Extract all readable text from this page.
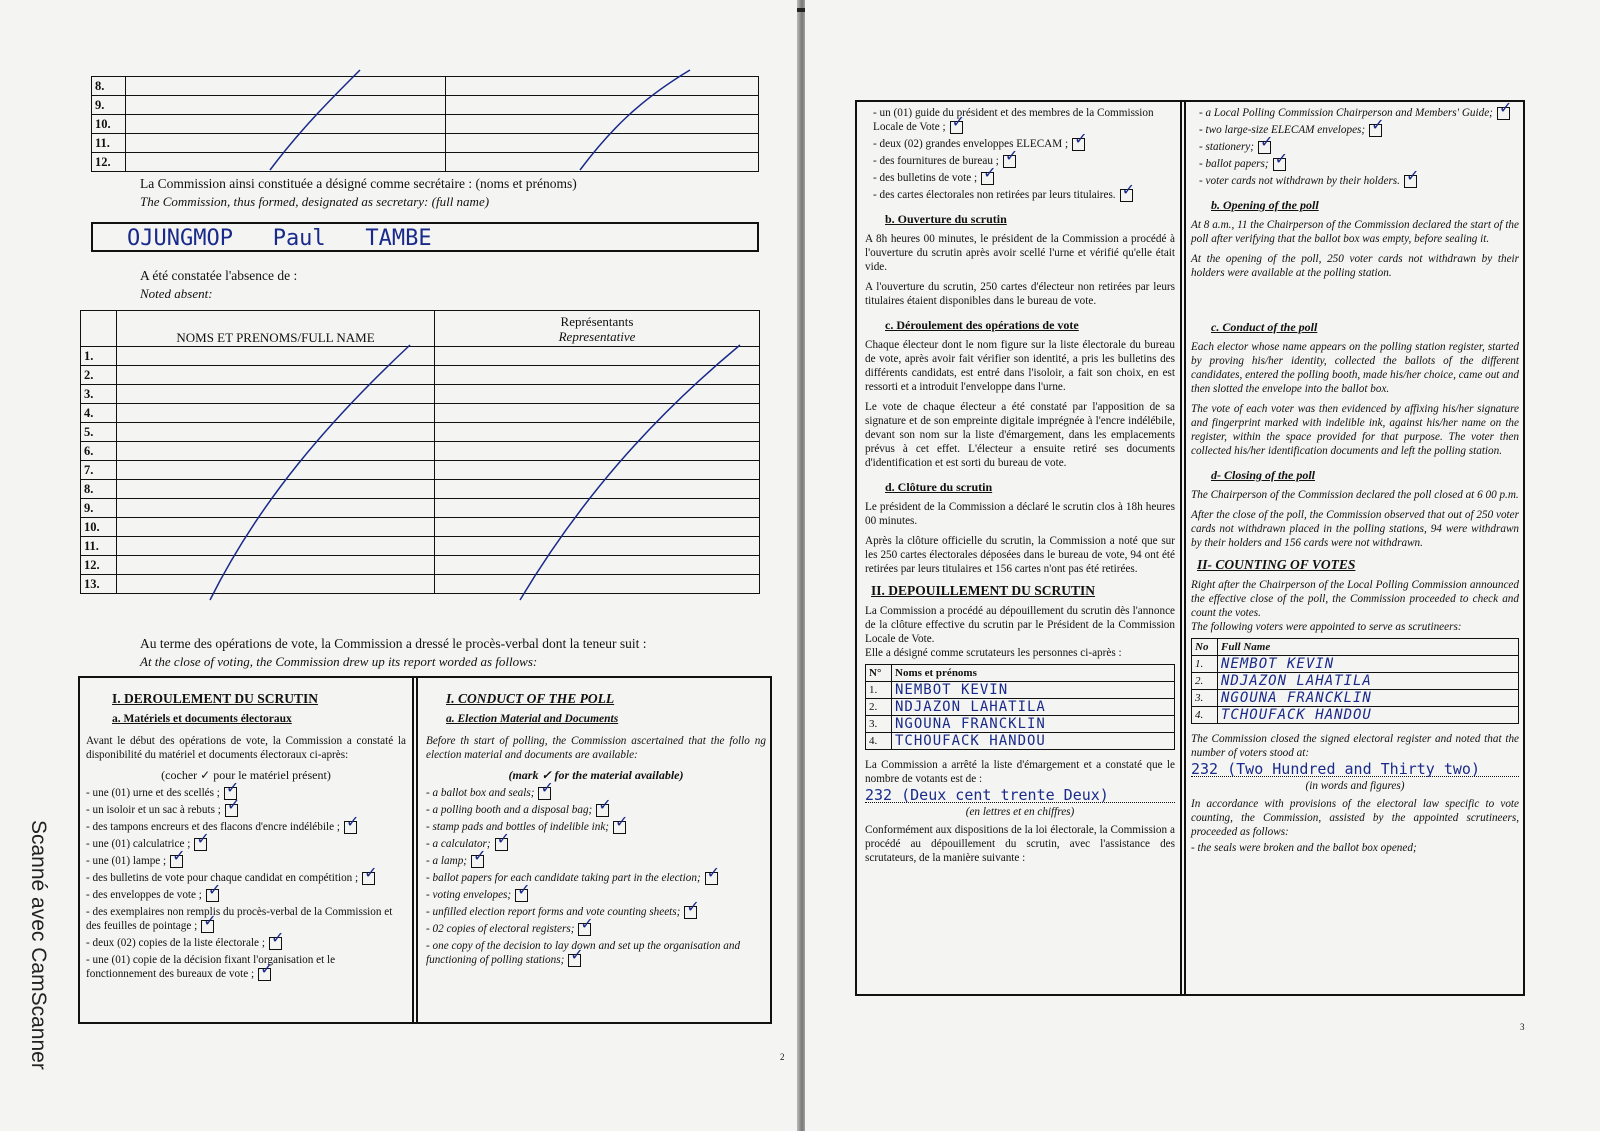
8.		
9.		
10.		
11.		
12.		
La Commission ainsi constituée a désigné comme secrétaire : (noms et prénoms)
The Commission, thus formed, designated as secretary: (full name)
OJUNGMOP   Paul   TAMBE
A été constatée l'absence de :
Noted absent:
	NOMS ET PRENOMS/FULL NAME	Représentants
Representative

1.		
2.		
3.		
4.		
5.		
6.		
7.		
8.		
9.		
10.		
11.		
12.		
13.		
Au terme des opérations de vote, la Commission a dressé le procès-verbal dont la teneur suit :
At the close of voting, the Commission drew up its report worded as follows:
I. DEROULEMENT DU SCRUTIN
a. Matériels et documents électoraux

Avant le début des opérations de vote, la Commission a constaté la disponibilité du matériel et documents électoraux ci-après:

(cocher ✓ pour le matériel présent)
- une (01) urne et des scellés ;✓
- un isoloir et un sac à rebuts ;✓
- des tampons encreurs et des flacons d'encre indélébile ;✓
- une (01) calculatrice ;✓
- une (01) lampe ;✓
- des bulletins de vote pour chaque candidat en compétition ;✓
- des enveloppes de vote ;✓
- des exemplaires non remplis du procès-verbal de la Commission et des feuilles de pointage ;✓
- deux (02) copies de la liste électorale ;✓
- une (01) copie de la décision fixant l'organisation et le fonctionnement des bureaux de vote ;✓
I. CONDUCT OF THE POLL
a. Election Material and Documents

Before th start of polling, the Commission ascertained that the follo ng election material and documents are available:

(mark ✓ for the material available)
- a ballot box and seals;✓
- a polling booth and a disposal bag;✓
- stamp pads and bottles of indelible ink;✓
- a calculator;✓
- a lamp;✓
- ballot papers for each candidate taking part in the election;✓
- voting envelopes;✓
- unfilled election report forms and vote counting sheets;✓
- 02 copies of electoral registers;✓
- one copy of the decision to lay down and set up the organisation and functioning of polling stations;✓
2
Scanné avec CamScanner
- un (01) guide du président et des membres de la Commission Locale de Vote ;✓
- deux (02) grandes enveloppes ELECAM ;✓
- des fournitures de bureau ;✓
- des bulletins de vote ;✓
- des cartes électorales non retirées par leurs titulaires.✓
b. Ouverture du scrutin

A 8h heures 00 minutes, le président de la Commission a procédé à l'ouverture du scrutin après avoir scellé l'urne et vérifié qu'elle était vide.

A l'ouverture du scrutin, 250 cartes d'électeur non retirées par leurs titulaires étaient disponibles dans le bureau de vote.

c. Déroulement des opérations de vote

Chaque électeur dont le nom figure sur la liste électorale du bureau de vote, après avoir fait vérifier son identité, a pris les bulletins des différents candidats, est entré dans l'isoloir, a fait son choix, en est ressorti et a introduit l'enveloppe dans l'urne.

Le vote de chaque électeur a été constaté par l'apposition de sa signature et de son empreinte digitale imprégnée à l'encre indélébile, devant son nom sur la liste d'émargement, dans les emplacements prévus à cet effet. L'électeur a ensuite retiré ses documents d'identification et est sorti du bureau de vote.

d. Clôture du scrutin

Le président de la Commission a déclaré le scrutin clos à 18h heures 00 minutes.

Après la clôture officielle du scrutin, la Commission a noté que sur les 250 cartes électorales déposées dans le bureau de vote, 94 ont été retirées par leurs titulaires et 156 cartes n'ont pas été retirées.

II. DEPOUILLEMENT DU SCRUTIN

La Commission a procédé au dépouillement du scrutin dès l'annonce de la clôture effective du scrutin par le Président de la Commission Locale de Vote.

Elle a désigné comme scrutateurs les personnes ci-après :

N°	Noms et prénoms
1.	NEMBOT KEVIN
2.	NDJAZON LAHATILA
3.	NGOUNA FRANCKLIN
4.	TCHOUFACK HANDOU

La Commission a arrêté la liste d'émargement et a constaté que le nombre de votants est de :

232 (Deux cent trente Deux)
(en lettres et en chiffres)

Conformément aux dispositions de la loi électorale, la Commission a procédé au dépouillement du scrutin, avec l'assistance des scrutateurs, de la manière suivante :

- a Local Polling Commission Chairperson and Members' Guide;✓
- two large-size ELECAM envelopes;✓
- stationery;✓
- ballot papers;✓
- voter cards not withdrawn by their holders.✓
b. Opening of the poll

At 8 a.m., 11 the Chairperson of the Commission declared the start of the poll after verifying that the ballot box was empty, before sealing it.

At the opening of the poll, 250 voter cards not withdrawn by their holders were available at the polling station.

c. Conduct of the poll

Each elector whose name appears on the polling station register, started by proving his/her identity, collected the ballots of the different candidates, entered the polling booth, made his/her choice, came out and then slotted the envelope into the ballot box.

The vote of each voter was then evidenced by affixing his/her signature and fingerprint marked with indelible ink, against his/her name on the register, within the space provided for that purpose. The voter then collected his/her identification documents and left the polling station.

d- Closing of the poll

The Chairperson of the Commission declared the poll closed at 6 00 p.m.

After the close of the poll, the Commission observed that out of 250 voter cards not withdrawn placed in the polling stations, 94 were withdrawn by their holders and 156 cards were not withdrawn.

II- COUNTING OF VOTES

Right after the Chairperson of the Local Polling Commission announced the effective close of the poll, the Commission proceeded to check and count the votes.

The following voters were appointed to serve as scrutineers:

No	Full Name
1.	NEMBOT KEVIN
2.	NDJAZON LAHATILA
3.	NGOUNA FRANCKLIN
4.	TCHOUFACK HANDOU

The Commission closed the signed electoral register and noted that the number of voters stood at:

232 (Two Hundred and Thirty two)
(in words and figures)

In accordance with provisions of the electoral law specific to vote counting, the Commission, assisted by the appointed scrutineers, proceeded as follows:

- the seals were broken and the ballot box opened;
3
